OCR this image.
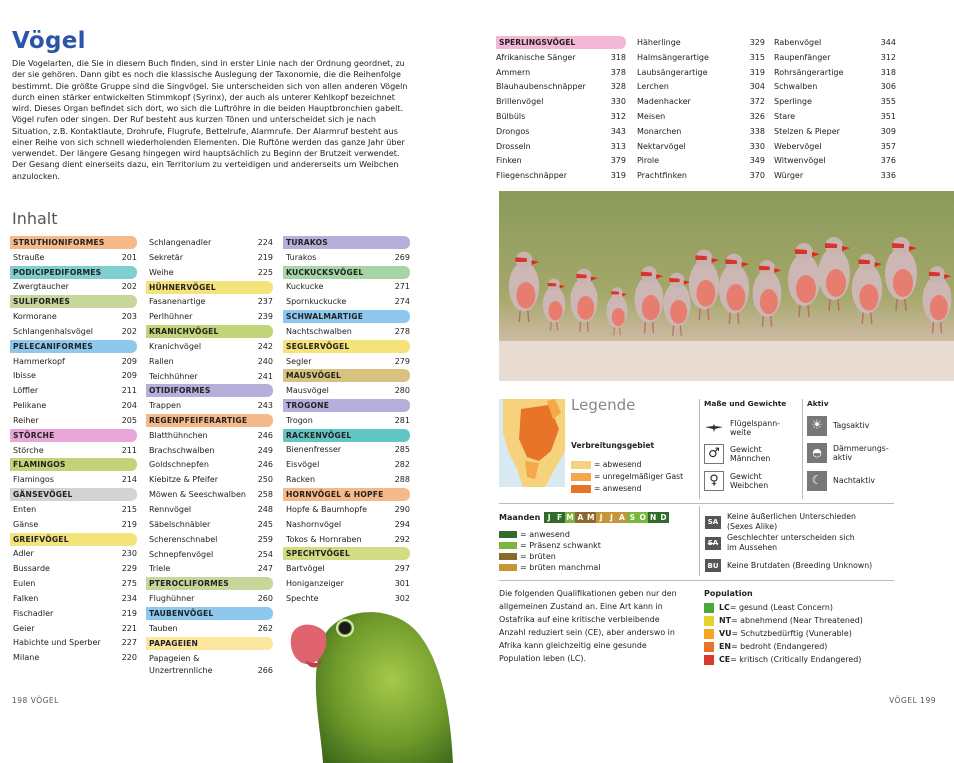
Vögel

Die Vogelarten, die Sie in diesem Buch finden, sind in erster Linie nach der Ordnung geordnet, zu der sie gehören. Dann gibt es noch die klassische Auslegung der Taxonomie, die die Reihenfolge bestimmt. Die größte Gruppe sind die Singvögel. Sie unterscheiden sich von allen anderen Vögeln durch einen stärker entwickelten Stimmkopf (Syrinx), der auch als unterer Kehlkopf bezeichnet wird. Dieses Organ befindet sich dort, wo sich die Luftröhre in die beiden Hauptbronchien gabelt. Vögel rufen oder singen. Der Ruf besteht aus kurzen Tönen und unterscheidet sich je nach Situation, z.B. Kontaktlaute, Drohrufe, Flugrufe, Bettelrufe, Alarmrufe. Der Alarmruf besteht aus einer Reihe von sich schnell wiederholenden Elementen. Die Ruftöne werden das ganze Jahr über verwendet. Der längere Gesang hingegen wird hauptsächlich zu Beginn der Brutzeit verwendet. Der Gesang dient einerseits dazu, ein Territorium zu verteidigen und andererseits um Weibchen anzulocken.

Inhalt
STRUTHIONIFORMES
Strauße	201
PODICIPEDIFORMES
Zwergtaucher	202
SULIFORMES
Kormorane	203
Schlangenhalsvögel	202
PELECANIFORMES
Hammerkopf	209
Ibisse	209
Löffler	211
Pelikane	204
Reiher	205
STÖRCHE
Störche	211
FLAMINGOS
Flamingos	214
GÄNSEVÖGEL
Enten	215
Gänse	219
GREIFVÖGEL
Adler	230
Bussarde	229
Eulen	275
Falken	234
Fischadler	219
Geier	221
Habichte und Sperber	227
Milane	220
Schlangenadler	224
Sekretär	219
Weihe	225
HÜHNERVÖGEL
Fasanenartige	237
Perlhühner	239
KRANICHVÖGEL
Kranichvögel	242
Rallen	240
Teichhühner	241
OTIDIFORMES
Trappen	243
REGENPFEIFERARTIGE
Blatthühnchen	246
Brachschwalben	249
Goldschnepfen	246
Kiebitze & Pfeifer	250
Möwen & Seeschwalben 258
Rennvögel	248
Säbelschnäbler	245
Scherenschnabel	259
Schnepfenvögel	254
Triele	247
PTEROCLIFORMES
Flughühner	260
TAUBENVÖGEL
Tauben	262
PAPAGEIEN
Papageien &
Unzertrennliche	266
TURAKOS
Turakos	269
KUCKUCKSVÖGEL
Kuckucke	271
Spornkuckucke	274
SCHWALMARTIGE
Nachtschwalben	278
SEGLERVÖGEL
Segler	279
MAUSVÖGEL
Mausvögel	280
TROGONE
Trogon	281
RACKENVÖGEL
Bienenfresser	285
Eisvögel	282
Racken	288
HORNVÖGEL & HOPFE
Hopfe & Baumhopfe	290
Nashornvögel	294
Tokos & Hornraben	292
SPECHTVÖGEL
Bartvögel	297
Honiganzeiger	301
Spechte	302
198 VÖGEL
SPERLINGSVÖGEL
Afrikanische Sänger	318
Ammern	378
Blauhaubenschnäpper	328
Brillenvögel	330
Bülbüls	312
Drongos	343
Drosseln	313
Finken	379
Fliegenschnäpper	319
Häherlinge	329
Halmsängerartige	315
Laubsängerartige	319
Lerchen	304
Madenhacker	372
Meisen	326
Monarchen	338
Nektarvögel	330
Pirole	349
Prachtfinken	370
Rabenvögel	344
Raupenfänger	312
Rohrsängerartige	318
Schwalben	306
Sperlinge	355
Stare	351
Stelzen & Pieper	309
Webervögel	357
Witwenvögel	376
Würger	336
Legende
Verbreitungsgebiet
= abwesend
= unregelmäßiger Gast
= anwesend
Maße und Gewichte
Flügelspann-
weite
♂	Gewicht
Männchen
♀	Gewicht
Weibchen
Aktiv
☀	Tagsaktiv
◓	Dämmerungs-
aktiv
☾	Nachtaktiv
Maanden J F M A M J	J A S O N D
= anwesend
= Präsenz schwankt
= brüten
= brüten manchmal
SA
Keine äußerlichen Unterschieden
(Sexes Alike)
SA
Geschlechter unterscheiden sich
im Aussehen
BU	Keine Brutdaten (Breeding Unknown)

Die folgenden Qualifikationen geben nur den allgemeinen Zustand an. Eine Art kann in Ostafrika auf eine kritische verbleibende Anzahl reduziert sein (CE), aber anderswo in Afrika kann gleichzeitig eine gesunde Population leben (LC).

Population
LC = gesund (Least Concern)
NT = abnehmend (Near Threatened)
VU = Schutzbedürftig (Vunerable)
EN = bedroht (Endangered)
CE = kritisch (Critically Endangered)
VÖGEL 199
